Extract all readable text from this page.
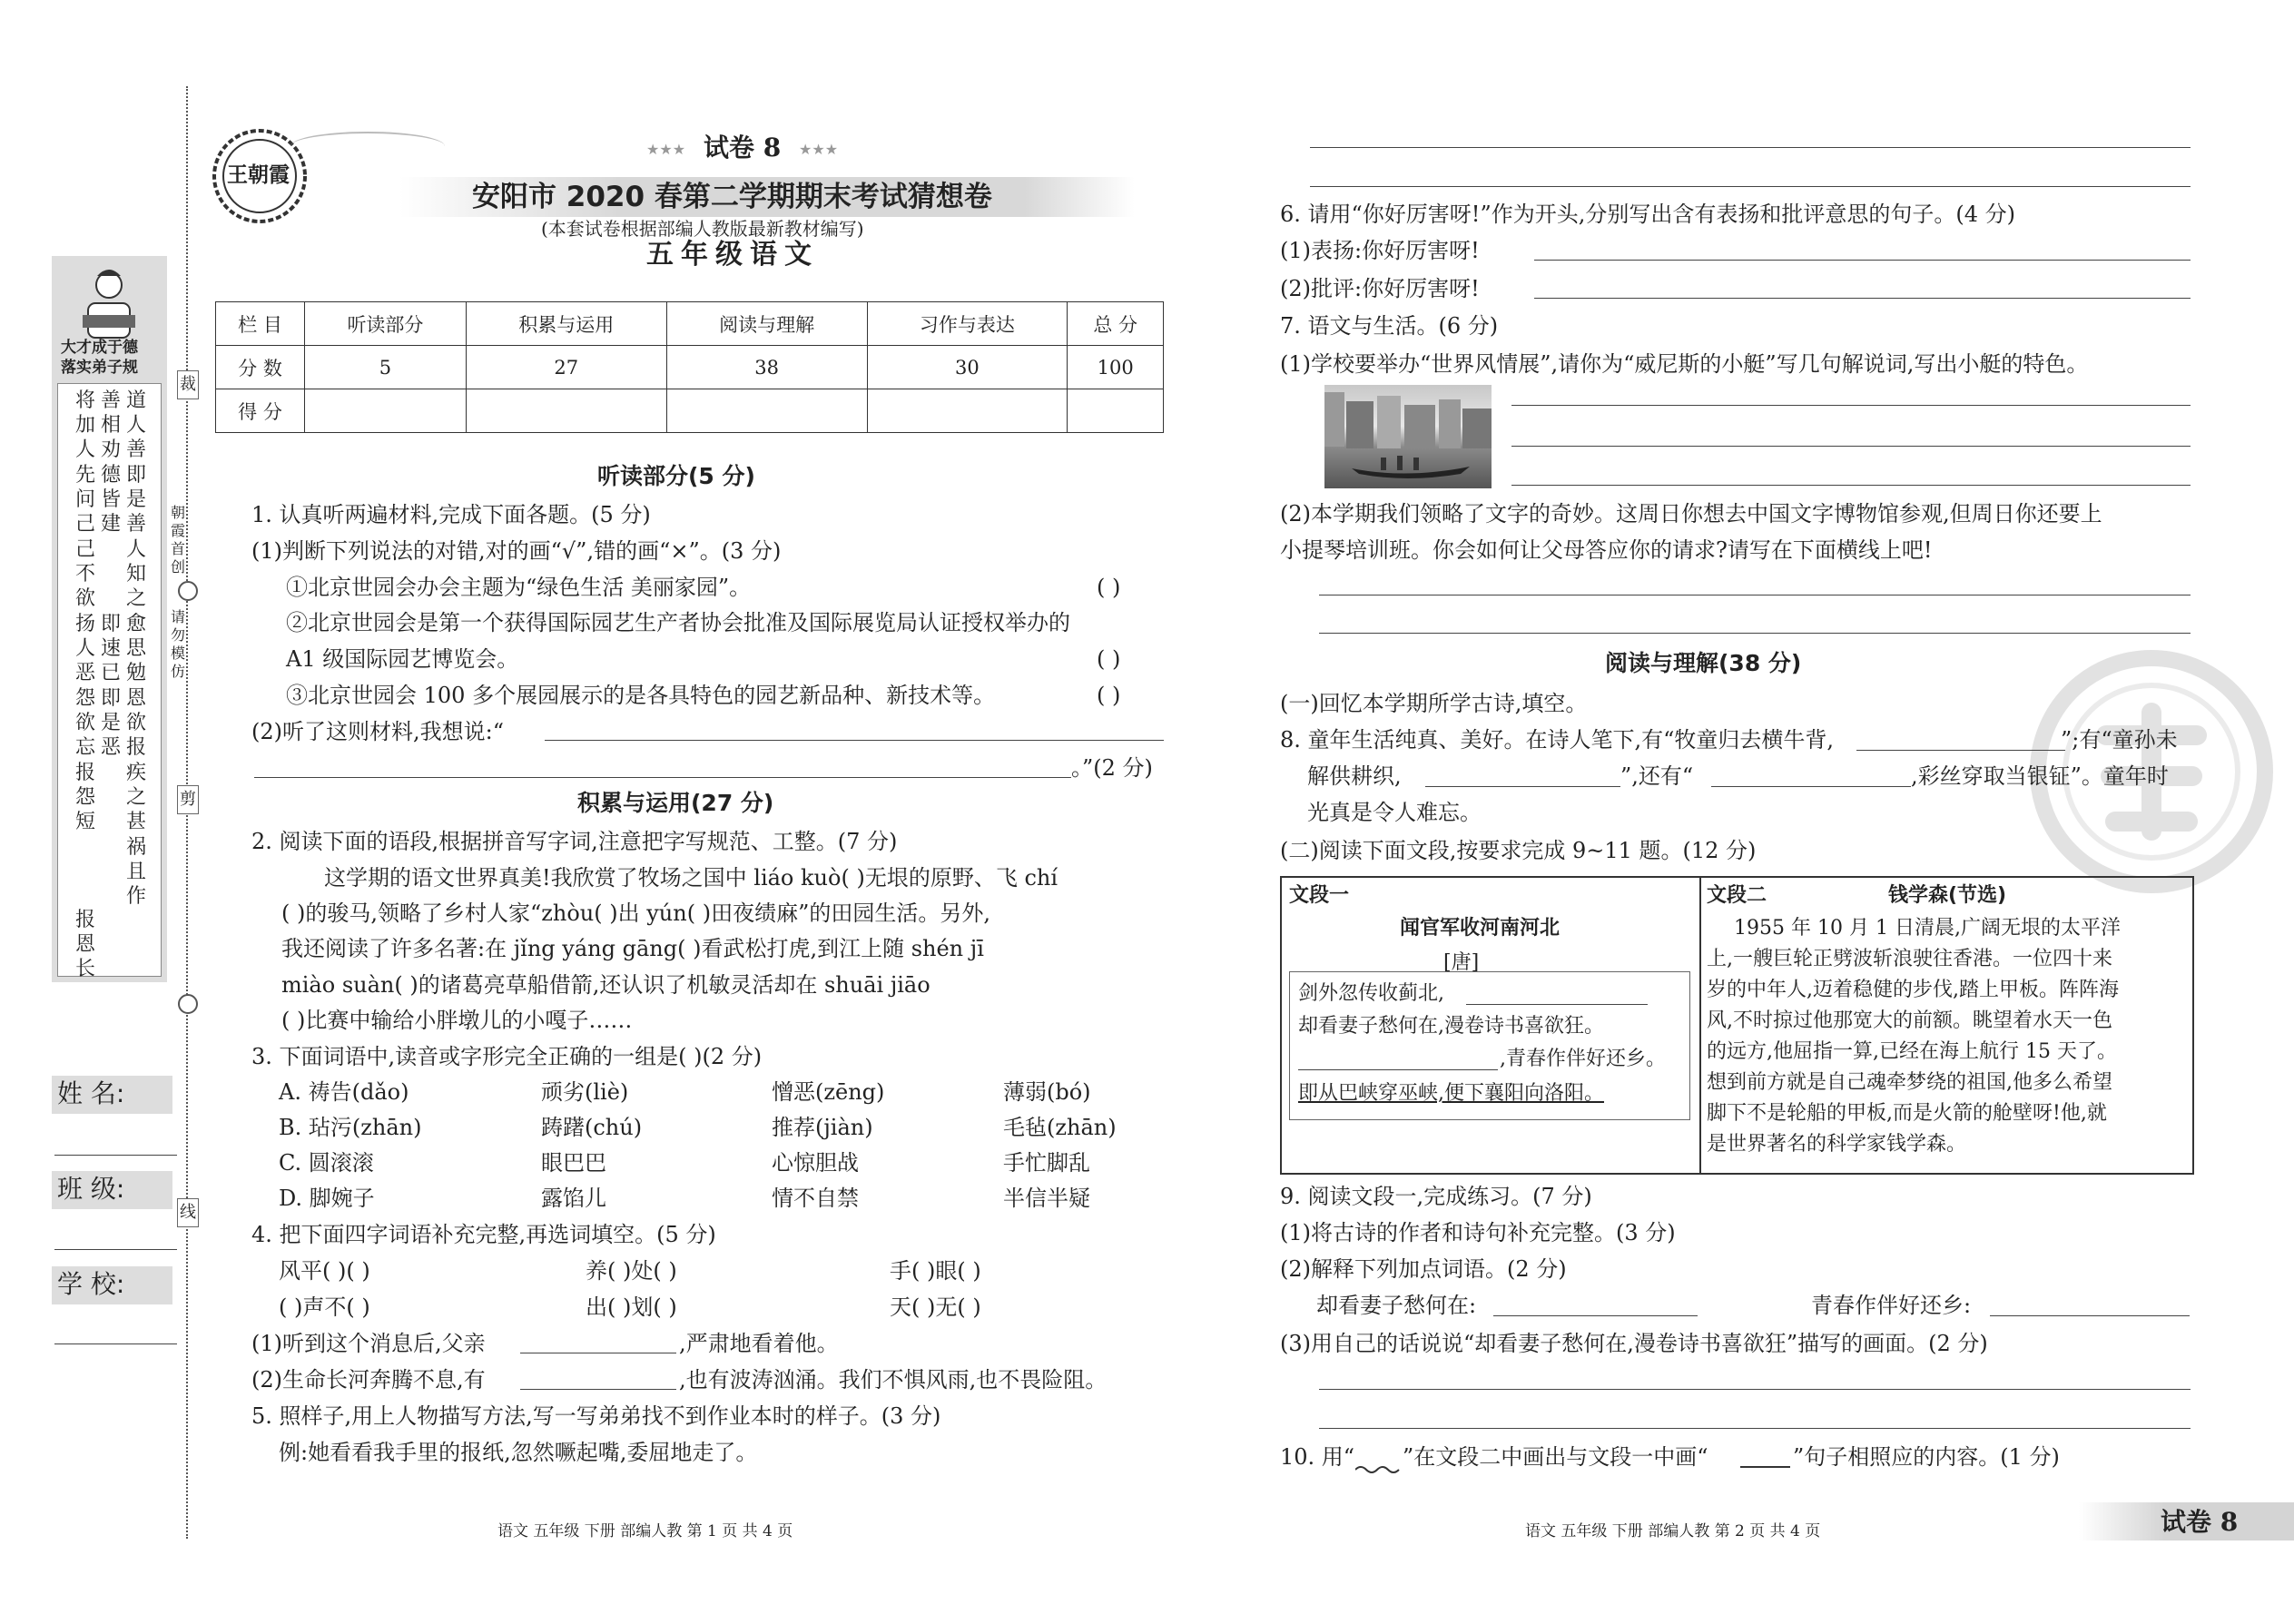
裁
剪
线
朝霞首创
请勿模仿
大才成于德
落实弟子规
道人善
善相劝
将加人
即是善
德皆建
先问己
人知之
己不欲
愈思勉
即速已
扬人恶
恩欲报
即是恶
怨欲忘
疾之甚
报怨短
祸且作
报恩长
姓 名:
班 级:
学 校:
王朝霞
★★★ 试卷 8 ★★★
安阳市 2020 春第二学期期末考试猜想卷
(本套试卷根据部编人教版最新教材编写)
五年级语文
栏 目	听读部分	积累与运用	阅读与理解	习作与表达	总 分
分 数	5	27	38	30	100
得 分					
听读部分(5 分)
1. 认真听两遍材料,完成下面各题。(5 分)
(1)判断下列说法的对错,对的画“√”,错的画“×”。(3 分)
①北京世园会办会主题为“绿色生活 美丽家园”。	( )
②北京世园会是第一个获得国际园艺生产者协会批准及国际展览局认证授权举办的
A1 级国际园艺博览会。	( )
③北京世园会 100 多个展园展示的是各具特色的园艺新品种、新技术等。	( )
(2)听了这则材料,我想说:“
。”(2 分)
积累与运用(27 分)
2. 阅读下面的语段,根据拼音写字词,注意把字写规范、工整。(7 分)
这学期的语文世界真美!我欣赏了牧场之国中 liáo kuò( )无垠的原野、飞 chí
( )的骏马,领略了乡村人家“zhòu( )出 yún( )田夜绩麻”的田园生活。另外,
我还阅读了许多名著:在 jǐng yáng gāng( )看武松打虎,到江上随 shén jī
miào suàn( )的诸葛亮草船借箭,还认识了机敏灵活却在 shuāi jiāo
( )比赛中输给小胖墩儿的小嘎子……
3. 下面词语中,读音或字形完全正确的一组是( )(2 分)
A. 祷告(dǎo)	顽劣(liè)	憎恶(zēng)	薄弱(bó)
B. 玷污(zhān)	踌躇(chú)	推荐(jiàn)	毛毡(zhān)
C. 圆滚滚	眼巴巴	心惊胆战	手忙脚乱
D. 脚婉子	露馅儿	情不自禁	半信半疑
4. 把下面四字词语补充完整,再选词填空。(5 分)
风平( )( )	养( )处( )	手( )眼( )
( )声不( )	出( )划( )	天( )无( )
(1)听到这个消息后,父亲	,严肃地看着他。
(2)生命长河奔腾不息,有	,也有波涛汹涌。我们不惧风雨,也不畏险阻。
5. 照样子,用上人物描写方法,写一写弟弟找不到作业本时的样子。(3 分)
例:她看看我手里的报纸,忽然噘起嘴,委屈地走了。
语文 五年级 下册 部编人教 第 1 页 共 4 页
6. 请用“你好厉害呀!”作为开头,分别写出含有表扬和批评意思的句子。(4 分)
(1)表扬:你好厉害呀!
(2)批评:你好厉害呀!
7. 语文与生活。(6 分)
(1)学校要举办“世界风情展”,请你为“威尼斯的小艇”写几句解说词,写出小艇的特色。
(2)本学期我们领略了文字的奇妙。这周日你想去中国文字博物馆参观,但周日你还要上
小提琴培训班。你会如何让父母答应你的请求?请写在下面横线上吧!
阅读与理解(38 分)
(一)回忆本学期所学古诗,填空。
8. 童年生活纯真、美好。在诗人笔下,有“牧童归去横牛背,	”;有“童孙未
解供耕织,	”,还有“	,彩丝穿取当银钲”。童年时
光真是令人难忘。
(二)阅读下面文段,按要求完成 9~11 题。(12 分)
文段一
闻官军收河南河北
[唐]
剑外忽传收蓟北,
却看妻子愁何在,漫卷诗书喜欲狂。
,青春作伴好还乡。
即从巴峡穿巫峡,便下襄阳向洛阳。
文段二	钱学森(节选)
1955 年 10 月 1 日清晨,广阔无垠的太平洋
上,一艘巨轮正劈波斩浪驶往香港。一位四十来
岁的中年人,迈着稳健的步伐,踏上甲板。阵阵海
风,不时掠过他那宽大的前额。眺望着水天一色
的远方,他屈指一算,已经在海上航行 15 天了。
想到前方就是自己魂牵梦绕的祖国,他多么希望
脚下不是轮船的甲板,而是火箭的舱壁呀!他,就
是世界著名的科学家钱学森。
9. 阅读文段一,完成练习。(7 分)
(1)将古诗的作者和诗句补充完整。(3 分)
(2)解释下列加点词语。(2 分)
却看妻子愁何在:	青春作伴好还乡:
(3)用自己的话说说“却看妻子愁何在,漫卷诗书喜欲狂”描写的画面。(2 分)
10. 用“ ”在文段二中画出与文段一中画“	”句子相照应的内容。(1 分)
语文 五年级 下册 部编人教 第 2 页 共 4 页	试卷 8
